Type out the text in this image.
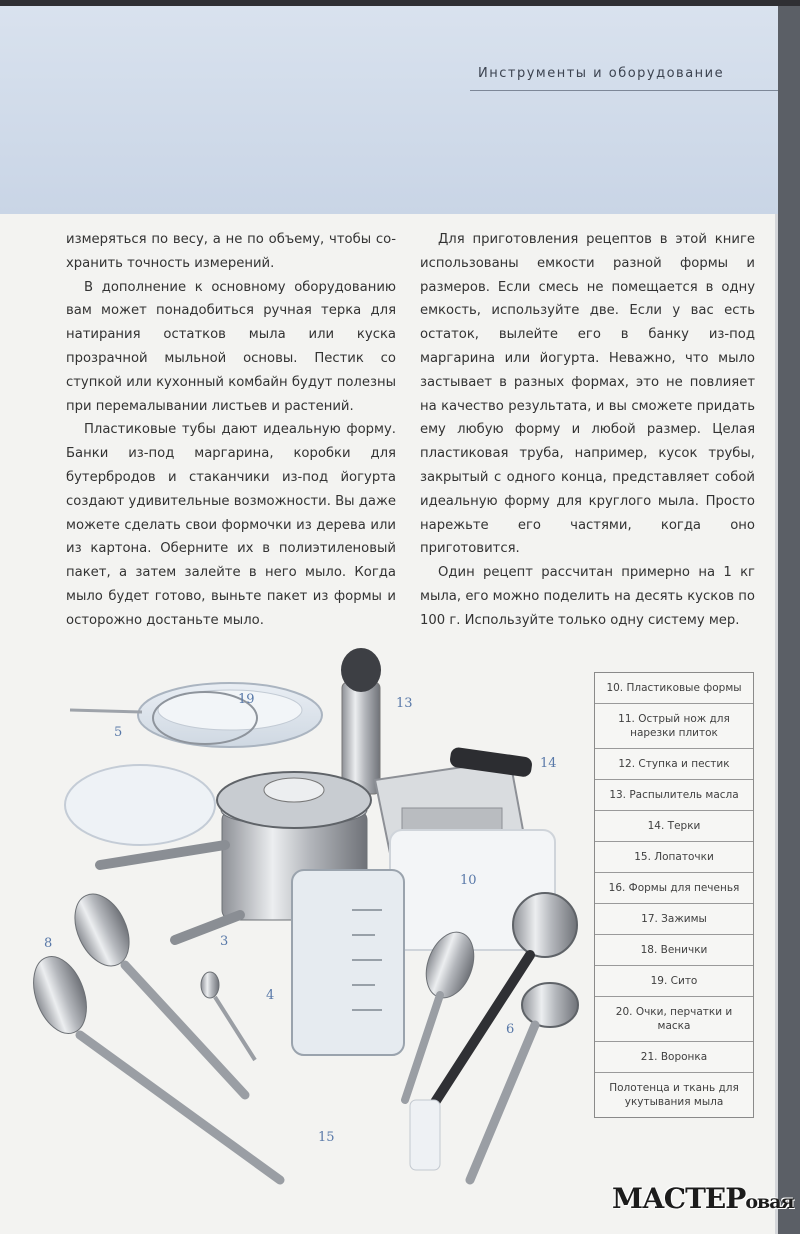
Инструменты и оборудование

измеряться по весу, а не по объему, чтобы со-хранить точность измерений.

В дополнение к основному оборудованию вам может понадобиться ручная терка для натирания остатков мыла или куска прозрачной мыльной основы. Пестик со ступкой или кухонный комбайн будут полезны при перемалывании листьев и растений.

Пластиковые тубы дают идеальную форму. Банки из-под маргарина, коробки для бутербродов и стаканчики из-под йогурта создают удивительные возможности. Вы даже можете сделать свои формочки из дерева или из картона. Оберните их в полиэтиленовый пакет, а затем залейте в него мыло. Когда мыло будет готово, выньте пакет из формы и осторожно достаньте мыло.

Для приготовления рецептов в этой книге использованы емкости разной формы и размеров. Если смесь не помещается в одну емкость, используйте две. Если у вас есть остаток, вылейте его в банку из-под маргарина или йогурта. Неважно, что мыло застывает в разных формах, это не повлияет на качество результата, и вы сможете придать ему любую форму и любой размер. Целая пластиковая труба, например, кусок трубы, закрытый с одного конца, представляет собой идеальную форму для круглого мыла. Просто нарежьте его частями, когда оно приготовится.

Один рецепт рассчитан примерно на 1 кг мыла, его можно поделить на десять кусков по 100 г. Используйте только одну систему мер.

19	13
5
14
10
8	3
4
6
15
10. Пластиковые формы
11. Острый нож для нарезки плиток
12. Ступка и пестик
13. Распылитель масла
14. Терки
15. Лопаточки
16. Формы для печенья
17. Зажимы
18. Венички
19. Сито
20. Очки, перчатки и маска
21. Воронка
Полотенца и ткань для укутывания мыла
МАСТЕРовая
